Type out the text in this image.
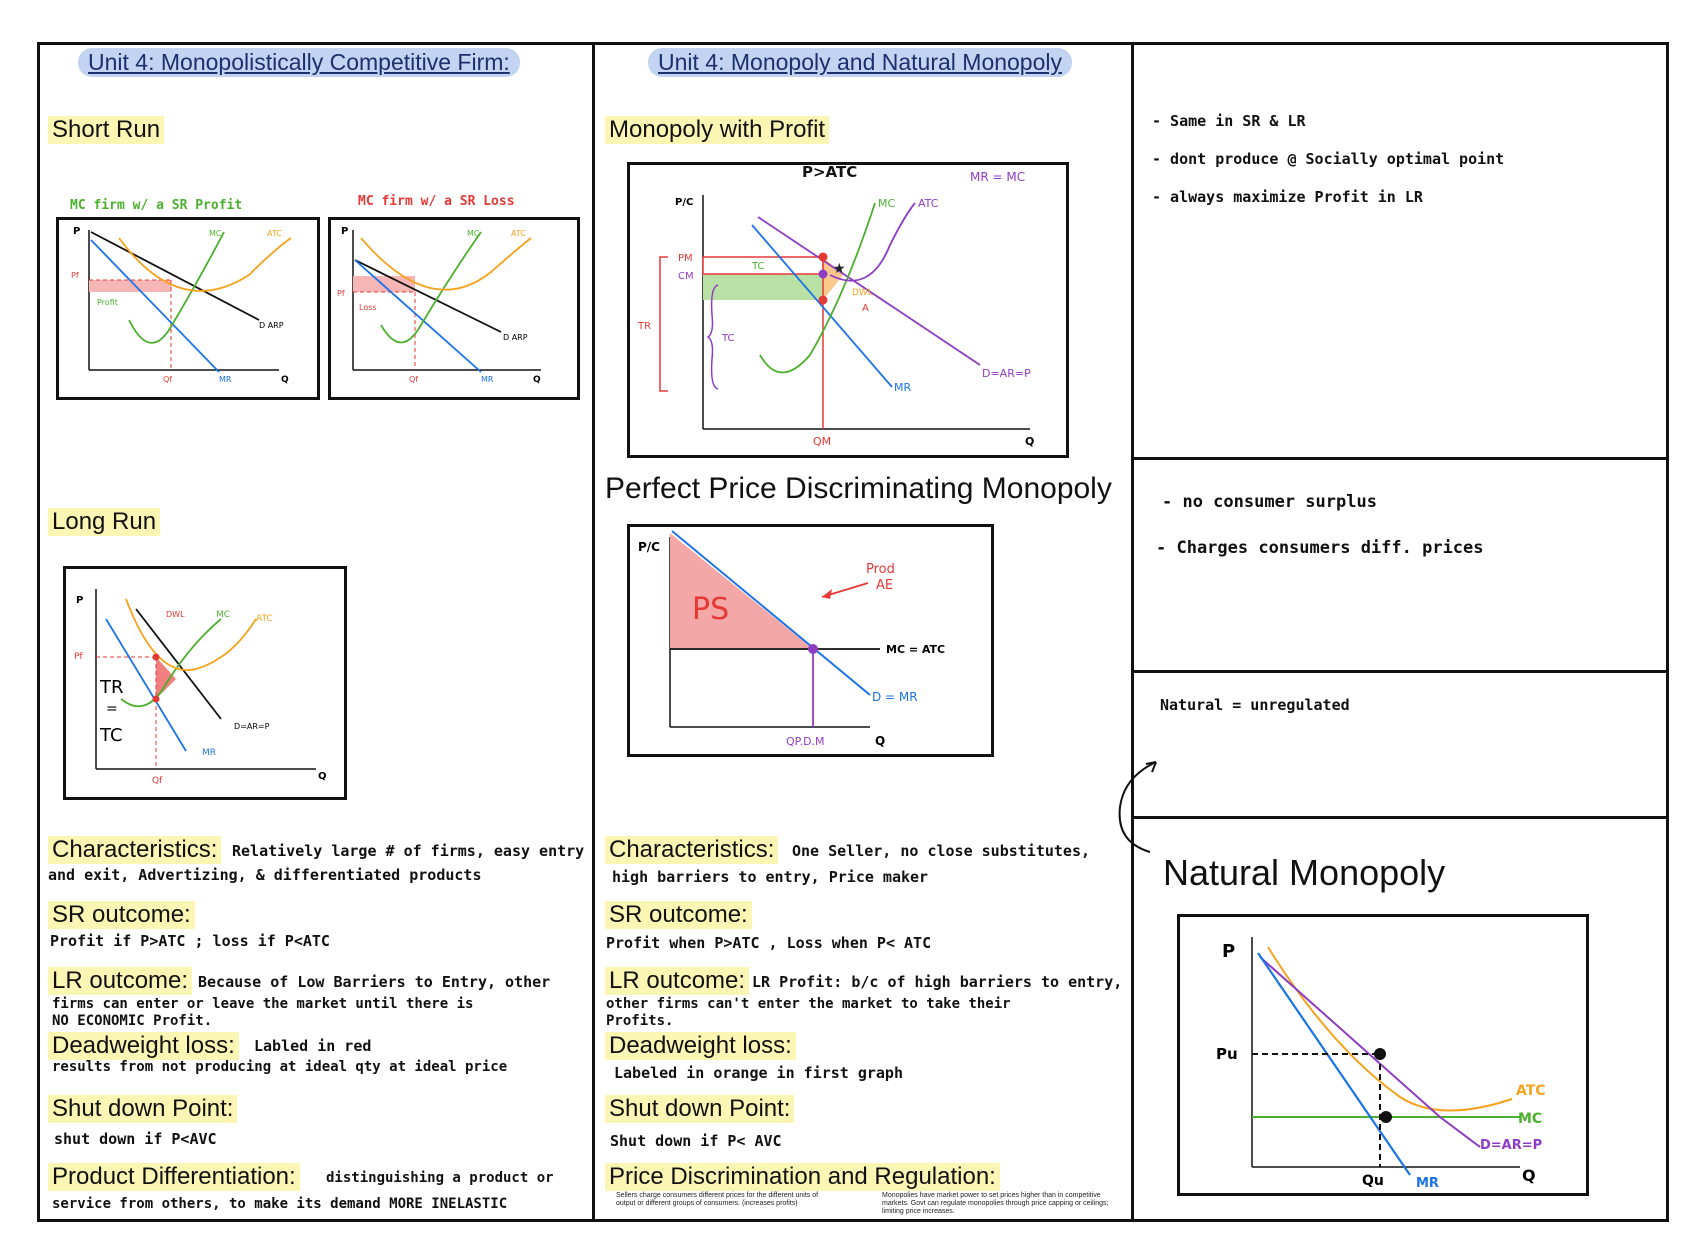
Unit 4: Monopolistically Competitive Firm:
Short Run
MC firm w/ a SR Profit	MC firm w/ a SR Loss
P
Pf
Profit
MC	ATC
D ARP
Qf	MR	Q
P
Pf
Loss
MC	ATC
D ARP
Qf	MR	Q
Long Run
P
Pf
DWL	MC	ATC
TR
=
TC	D=AR=P
MR
Qf	Q
Characteristics: Relatively large # of firms, easy entry
and exit, Advertizing, & differentiated products
SR outcome:
Profit if P>ATC ; loss if P<ATC
LR outcome: Because of Low Barriers to Entry, other
firms can enter or leave the market until there is
NO ECONOMIC Profit.
Deadweight loss: Labled in red
results from not producing at ideal qty at ideal price
Shut down Point:
shut down if P<AVC
Product Differentiation: distinguishing a product or
service from others, to make its demand MORE INELASTIC
Unit 4: Monopoly and Natural Monopoly
Monopoly with Profit
★
P>ATC	MR = MC
P/C
PM
CM
TR
TC
TC
MC ATC
DWL
A
MR
D=AR=P
QM	Q
Perfect Price Discriminating Monopoly
P/C
PS
Prod
AE
MC = ATC
D = MR
QP.D.M	Q
Characteristics: One Seller, no close substitutes,
high barriers to entry, Price maker
SR outcome:
Profit when P>ATC , Loss when P< ATC
LR outcome: LR Profit: b/c of high barriers to entry,
other firms can't enter the market to take their
Profits.
Deadweight loss:
Labeled in orange in first graph
Shut down Point:
Shut down if P< AVC
Price Discrimination and Regulation:
Sellers charge consumers different prices for the different units of output or different groups of consumers. (increases profits)
Monopolies have market power to set prices higher than in competitive markets. Govt can regulate monopolies through price capping or ceilings; limiting price increases.
- Same in SR & LR
- dont produce @ Socially optimal point
- always maximize Profit in LR
- no consumer surplus
- Charges consumers diff. prices
Natural = unregulated
Natural Monopoly
P
Pu
ATC
MC
D=AR=P
Qu MR	Q
